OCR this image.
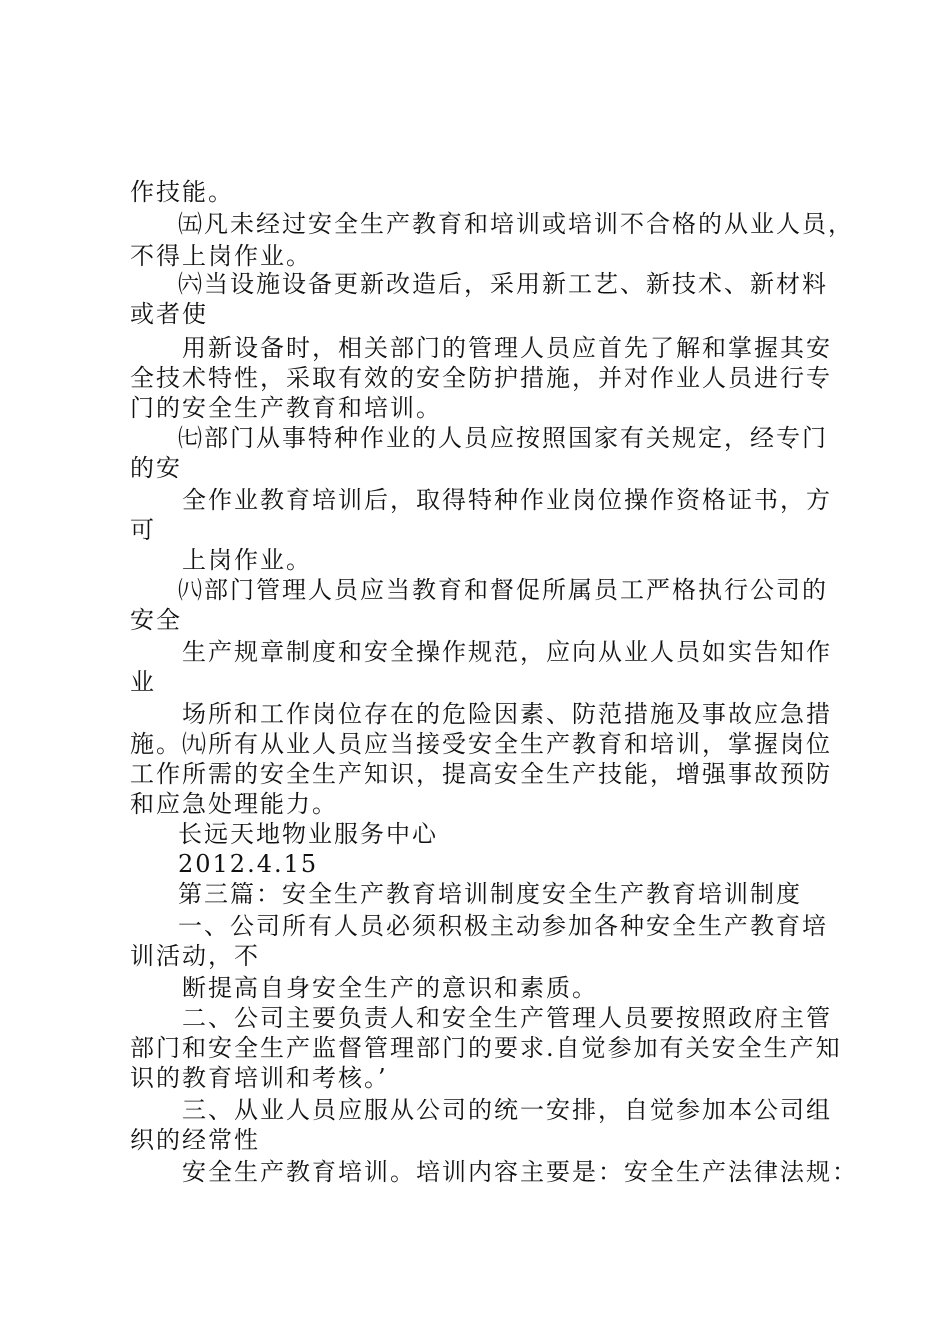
作技能。

㈤凡未经过安全生产教育和培训或培训不合格的从业人员，

不得上岗作业。

㈥当设施设备更新改造后，采用新工艺、新技术、新材料

或者使

用新设备时，相关部门的管理人员应首先了解和掌握其安

全技术特性，采取有效的安全防护措施，并对作业人员进行专

门的安全生产教育和培训。

㈦部门从事特种作业的人员应按照国家有关规定，经专门

的安

全作业教育培训后，取得特种作业岗位操作资格证书，方

可

上岗作业。

㈧部门管理人员应当教育和督促所属员工严格执行公司的

安全

生产规章制度和安全操作规范，应向从业人员如实告知作

业

场所和工作岗位存在的危险因素、防范措施及事故应急措

施。㈨所有从业人员应当接受安全生产教育和培训，掌握岗位

工作所需的安全生产知识，提高安全生产技能，增强事故预防

和应急处理能力。

长远天地物业服务中心

2012.4.15

第三篇：安全生产教育培训制度安全生产教育培训制度

一、公司所有人员必须积极主动参加各种安全生产教育培

训活动，不

断提高自身安全生产的意识和素质。

二、公司主要负责人和安全生产管理人员要按照政府主管

部门和安全生产监督管理部门的要求.自觉参加有关安全生产知

识的教育培训和考核。’

三、从业人员应服从公司的统一安排，自觉参加本公司组

织的经常性

安全生产教育培训。培训内容主要是：安全生产法律法规：
